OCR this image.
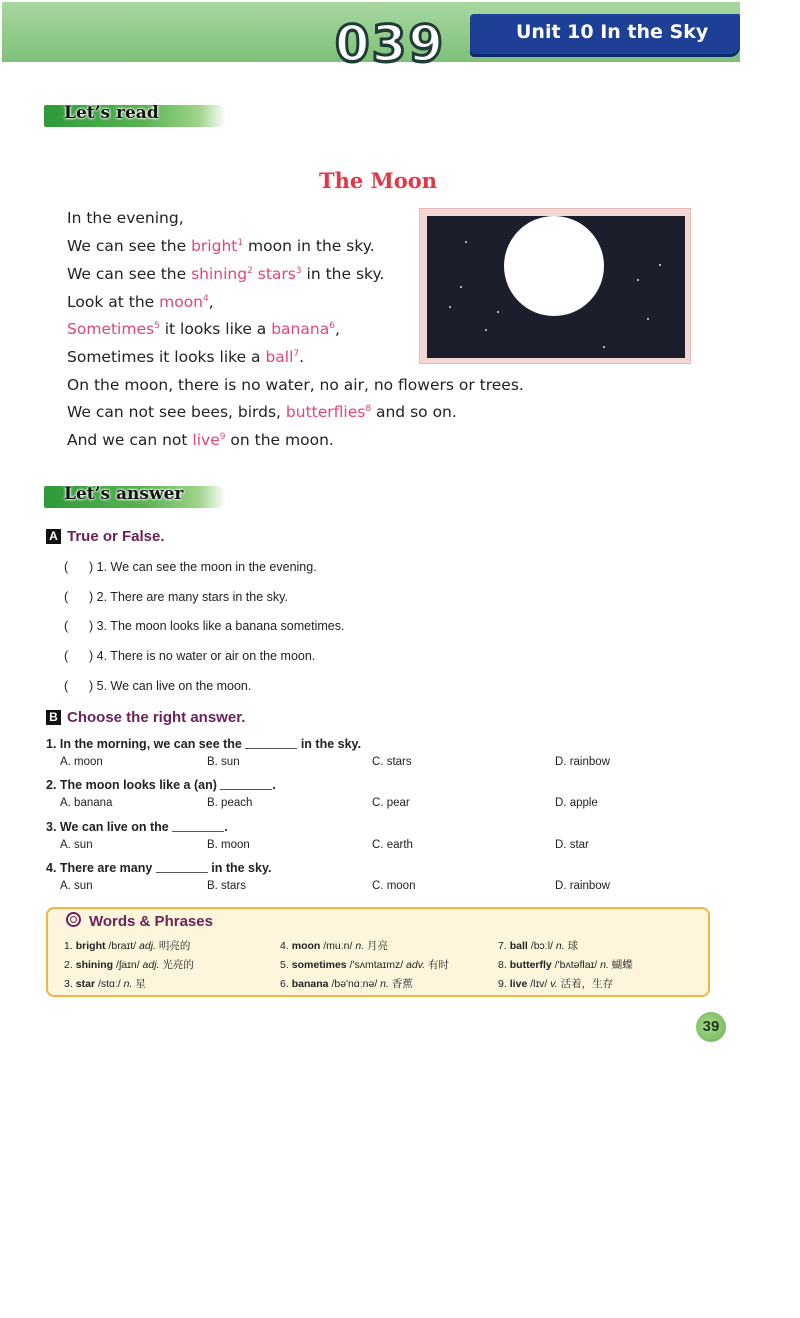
039	Unit 10 In the Sky
Let’s read
The Moon
In the evening,
We can see the bright$^1$ moon in the sky.
We can see the shining$^2$ stars$^3$ in the sky.
Look at the moon$^4$,
Sometimes$^5$ it looks like a banana$^6$,
Sometimes it looks like a ball$^7$.
On the moon, there is no water, no air, no flowers or trees.
We can not see bees, birds, butterflies$^8$ and so on.
And we can not live$^9$ on the moon.
Let’s answer
A True or False.
(      ) 1. We can see the moon in the evening.
(      ) 2. There are many stars in the sky.
(      ) 3. The moon looks like a banana sometimes.
(      ) 4. There is no water or air on the moon.
(      ) 5. We can live on the moon.
B Choose the right answer.
1. In the morning, we can see the	in the sky.
A. moon	B. sun	C. stars	D. rainbow
2. The moon looks like a (an)	.
A. banana	B. peach	C. pear	D. apple
3. We can live on the	.
A. sun	B. moon	C. earth	D. star
4. There are many	in the sky.
A. sun	B. stars	C. moon	D. rainbow
Words & Phrases
1. bright /braɪt/ adj. 明亮的
2. shining /ʃaɪn/ adj. 光亮的
3. star /stɑː/ n. 星
4. moon /muːn/ n. 月亮
5. sometimes /'sʌmtaɪmz/ adv. 有时
6. banana /bə'nɑːnə/ n. 香蕉
7. ball /bɔːl/ n. 球
8. butterfly /'bʌtəflaɪ/ n. 蝴蝶
9. live /lɪv/ v. 活着，生存
39
